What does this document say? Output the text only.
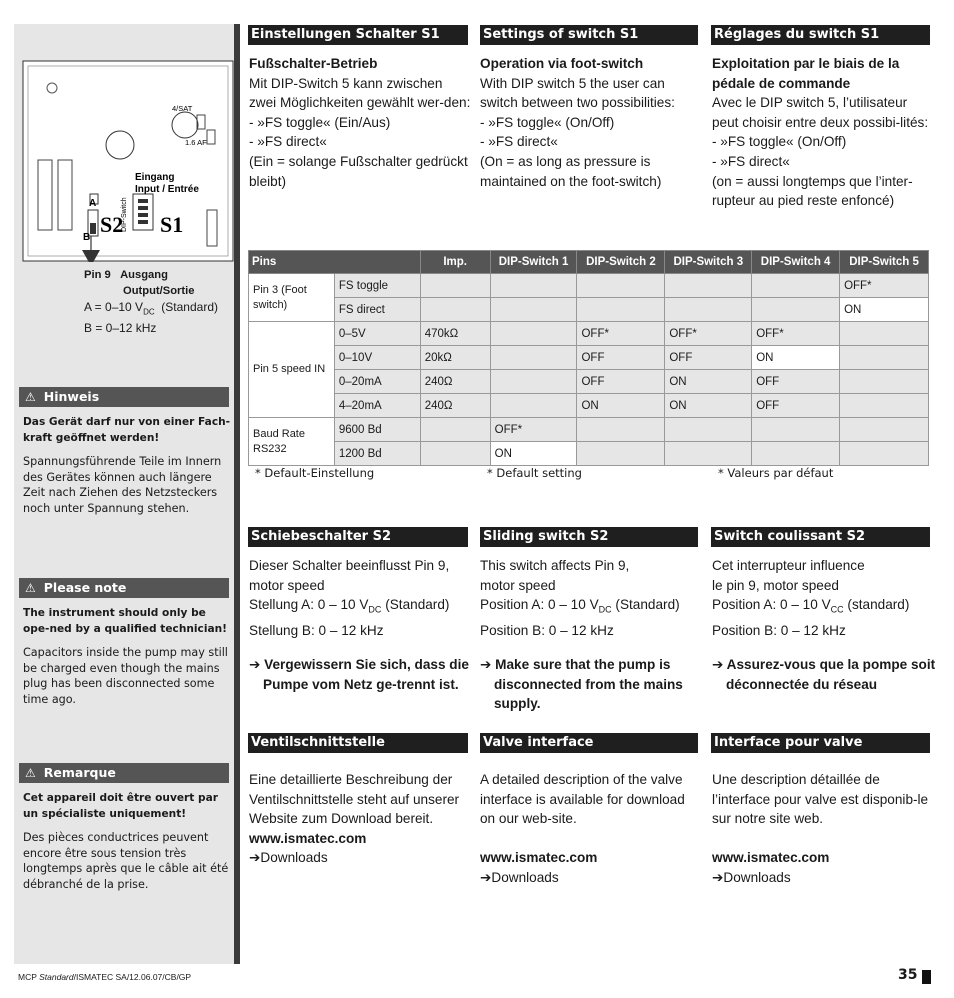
4/SAT
1.6 AF
Eingang
Input / Entrée
DIP-Switch S1
S2
A
B
Pin 9 Ausgang
Output/Sortie
A = 0–10 $V_{DC}$ (Standard)
B = 0–12 kHz
⚠ Hinweis

Das Gerät darf nur von einer Fach-kraft geöffnet werden!

Spannungsführende Teile im Innern des Gerätes können auch längere Zeit nach Ziehen des Netzsteckers noch unter Spannung stehen.

⚠ Please note

The instrument should only be ope-ned by a qualified technician!

Capacitors inside the pump may still be charged even though the mains plug has been disconnected some time ago.

⚠ Remarque

Cet appareil doit être ouvert par un spécialiste uniquement!

Des pièces conductrices peuvent encore être sous tension très longtemps après que le câble ait été débranché de la prise.

Einstellungen Schalter S1	Settings of switch S1	Réglages du switch S1

Fußschalter-Betrieb

Mit DIP-Switch 5 kann zwischen zwei Möglichkeiten gewählt wer-den:

- »FS toggle« (Ein/Aus)

- »FS direct«

(Ein = solange Fußschalter gedrückt bleibt)

Operation via foot-switch

With DIP switch 5 the user can switch between two possibilities:

- »FS toggle« (On/Off)

- »FS direct«

(On = as long as pressure is maintained on the foot-switch)

Exploitation par le biais de la pédale de commande

Avec le DIP switch 5, l’utilisateur peut choisir entre deux possibi-lités:

- »FS toggle« (On/Off)

- »FS direct«

(on = aussi longtemps que l’inter-rupteur au pied reste enfoncé)

Pins		Imp.	DIP-Switch 1	DIP-Switch 2	DIP-Switch 3	DIP-Switch 4	DIP-Switch 5
Pin 3 (Foot switch)	FS toggle						OFF*
	FS direct						ON
Pin 5 speed IN	0–5V	470kΩ		OFF*	OFF*	OFF*	
	0–10V	20kΩ		OFF	OFF	ON	
	0–20mA	240Ω		OFF	ON	OFF	
	4–20mA	240Ω		ON	ON	OFF	
Baud Rate RS232	9600 Bd		OFF*				
	1200 Bd		ON				
* Default-Einstellung	* Default setting	* Valeurs par défaut
Schiebeschalter S2	Sliding switch S2	Switch coulissant S2

Dieser Schalter beeinflusst Pin 9,

motor speed

Stellung A: 0 – 10 $V_{DC}$ (Standard)

Stellung B: 0 – 12 kHz

This switch affects Pin 9,

motor speed

Position A: 0 – 10 $V_{DC}$ (Standard)

Position B: 0 – 12 kHz

Cet interrupteur influence

le pin 9, motor speed

Position A: 0 – 10 $V_{CC}$ (standard)

Position B: 0 – 12 kHz

➔ Vergewissern Sie sich, dass die Pumpe vom Netz ge-trennt ist.
➔ Make sure that the pump is disconnected from the mains supply.
➔ Assurez-vous que la pompe soit déconnectée du réseau
Ventilschnittstelle	Valve interface	Interface pour valve

Eine detaillierte Beschreibung der Ventilschnittstelle steht auf unserer Website zum Download bereit.

www.ismatec.com

➔Downloads

A detailed description of the valve interface is available for download on our web-site.

www.ismatec.com

➔Downloads

Une description détaillée de l’interface pour valve est disponib-le sur notre site web.

www.ismatec.com

➔Downloads

MCP Standard/ISMATEC SA/12.06.07/CB/GP	35
